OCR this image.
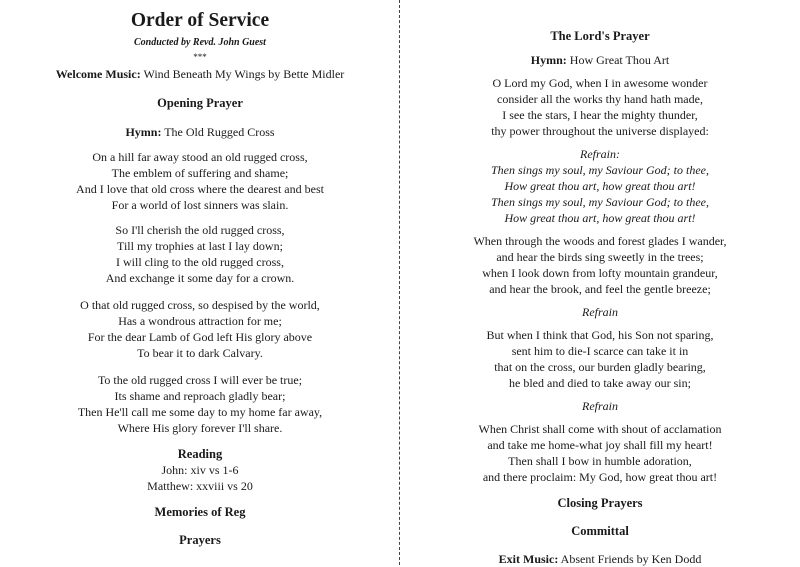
Order of Service
Conducted by Revd. John Guest
***
Welcome Music: Wind Beneath My Wings by Bette Midler
Opening Prayer
Hymn: The Old Rugged Cross
On a hill far away stood an old rugged cross,
The emblem of suffering and shame;
And I love that old cross where the dearest and best
For a world of lost sinners was slain.
So I'll cherish the old rugged cross,
Till my trophies at last I lay down;
I will cling to the old rugged cross,
And exchange it some day for a crown.
O that old rugged cross, so despised by the world,
Has a wondrous attraction for me;
For the dear Lamb of God left His glory above
To bear it to dark Calvary.
To the old rugged cross I will ever be true;
Its shame and reproach gladly bear;
Then He'll call me some day to my home far away,
Where His glory forever I'll share.
Reading
John: xiv vs 1-6
Matthew: xxviii vs 20
Memories of Reg
Prayers
The Lord's Prayer
Hymn: How Great Thou Art
O Lord my God, when I in awesome wonder
consider all the works thy hand hath made,
I see the stars, I hear the mighty thunder,
thy power throughout the universe displayed:
Refrain:
Then sings my soul, my Saviour God; to thee,
How great thou art, how great thou art!
Then sings my soul, my Saviour God; to thee,
How great thou art, how great thou art!
When through the woods and forest glades I wander,
and hear the birds sing sweetly in the trees;
when I look down from lofty mountain grandeur,
and hear the brook, and feel the gentle breeze;
Refrain
But when I think that God, his Son not sparing,
sent him to die-I scarce can take it in
that on the cross, our burden gladly bearing,
he bled and died to take away our sin;
Refrain
When Christ shall come with shout of acclamation
and take me home-what joy shall fill my heart!
Then shall I bow in humble adoration,
and there proclaim: My God, how great thou art!
Closing Prayers
Committal
Exit Music: Absent Friends by Ken Dodd
